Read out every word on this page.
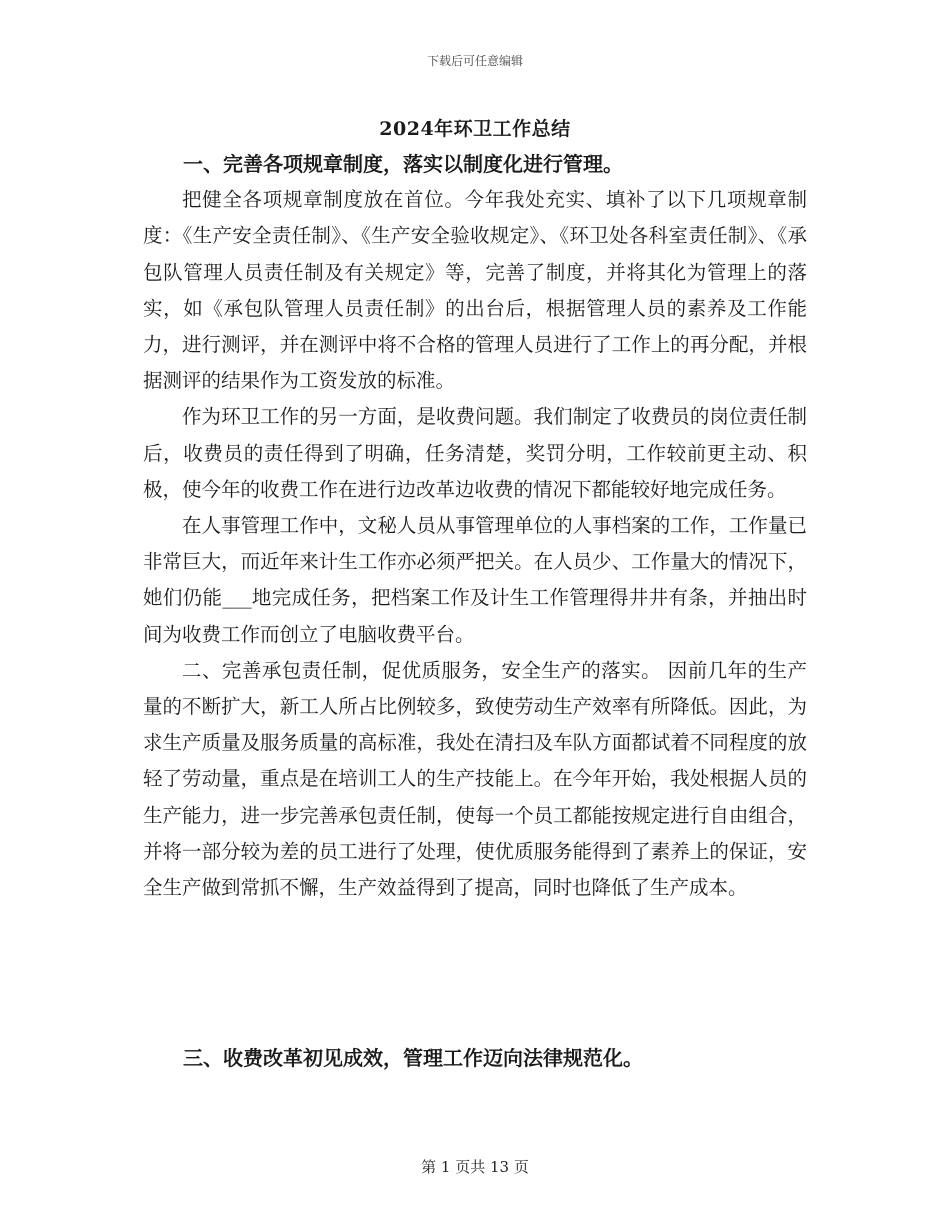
下载后可任意编辑
2024年环卫工作总结

一、完善各项规章制度，落实以制度化进行管理。

把健全各项规章制度放在首位。今年我处充实、填补了以下几项规章制度：《生产安全责任制》、《生产安全验收规定》、《环卫处各科室责任制》、《承包队管理人员责任制及有关规定》等，完善了制度，并将其化为管理上的落实，如《承包队管理人员责任制》的出台后，根据管理人员的素养及工作能力，进行测评，并在测评中将不合格的管理人员进行了工作上的再分配，并根据测评的结果作为工资发放的标准。

作为环卫工作的另一方面，是收费问题。我们制定了收费员的岗位责任制后，收费员的责任得到了明确，任务清楚，奖罚分明，工作较前更主动、积极，使今年的收费工作在进行边改革边收费的情况下都能较好地完成任务。

在人事管理工作中，文秘人员从事管理单位的人事档案的工作，工作量已非常巨大，而近年来计生工作亦必须严把关。在人员少、工作量大的情况下，她们仍能___地完成任务，把档案工作及计生工作管理得井井有条，并抽出时间为收费工作而创立了电脑收费平台。

二、完善承包责任制，促优质服务，安全生产的落实。 因前几年的生产量的不断扩大，新工人所占比例较多，致使劳动生产效率有所降低。因此，为求生产质量及服务质量的高标准，我处在清扫及车队方面都试着不同程度的放轻了劳动量，重点是在培训工人的生产技能上。在今年开始，我处根据人员的生产能力，进一步完善承包责任制，使每一个员工都能按规定进行自由组合，并将一部分较为差的员工进行了处理，使优质服务能得到了素养上的保证，安全生产做到常抓不懈，生产效益得到了提高，同时也降低了生产成本。

三、收费改革初见成效，管理工作迈向法律规范化。
第 1 页共 13 页
